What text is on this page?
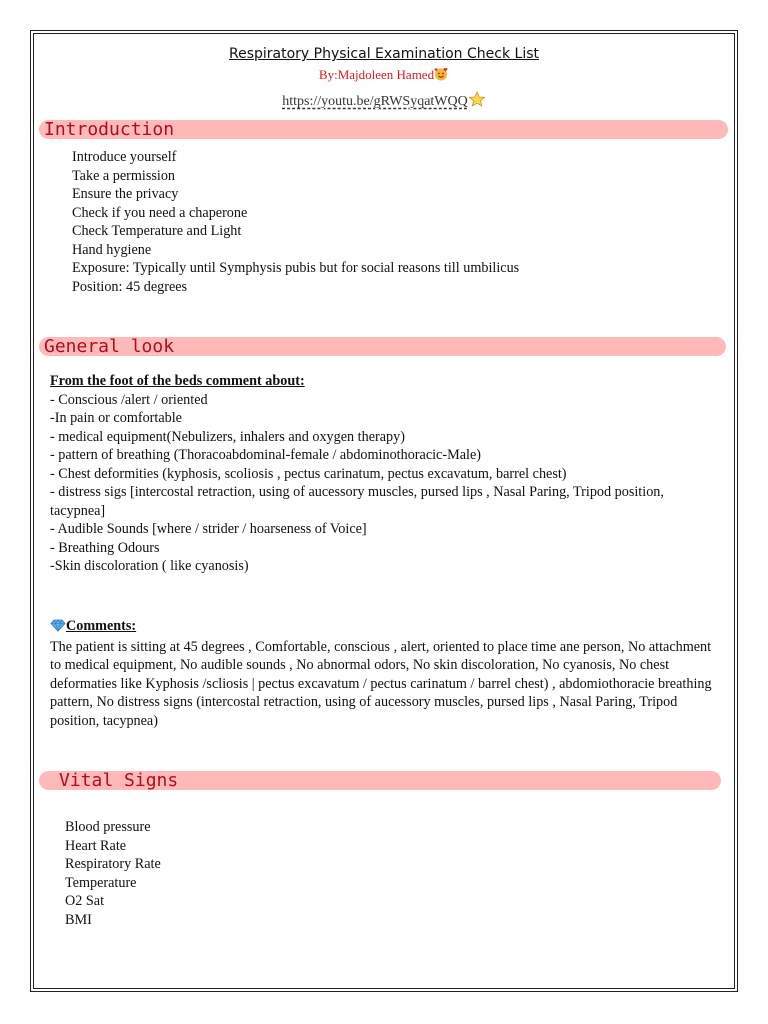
Respiratory Physical Examination Check List
By:Majdoleen Hamed
https://youtu.be/gRWSyqatWQQ
Introduction
Introduce yourself
Take a permission
Ensure the privacy
Check if you need a chaperone
Check Temperature and Light
Hand hygiene
Exposure: Typically until Symphysis pubis but for social reasons till umbilicus
Position: 45 degrees
General look
From the foot of the beds comment about:
- Conscious /alert / oriented
-In pain or comfortable
- medical equipment(Nebulizers, inhalers and oxygen therapy)
- pattern of breathing (Thoracoabdominal-female / abdominothoracic-Male)
- Chest deformities (kyphosis, scoliosis , pectus carinatum, pectus excavatum, barrel chest)
- distress sigs [intercostal retraction, using of aucessory muscles, pursed lips , Nasal Paring, Tripod position, tacypnea]
- Audible Sounds [where / strider / hoarseness of Voice]
- Breathing Odours
-Skin discoloration ( like cyanosis)
Comments:
The patient is sitting at 45 degrees , Comfortable, conscious , alert, oriented to place time ane person, No attachment to medical equipment, No audible sounds , No abnormal odors, No skin discoloration, No cyanosis, No chest deformaties like Kyphosis /scliosis | pectus excavatum / pectus carinatum / barrel chest) , abdomiothoracie breathing pattern, No distress signs (intercostal retraction, using of aucessory muscles, pursed lips , Nasal Paring, Tripod position, tacypnea)
Vital Signs
Blood pressure
Heart Rate
Respiratory Rate
Temperature
O2 Sat
BMI
